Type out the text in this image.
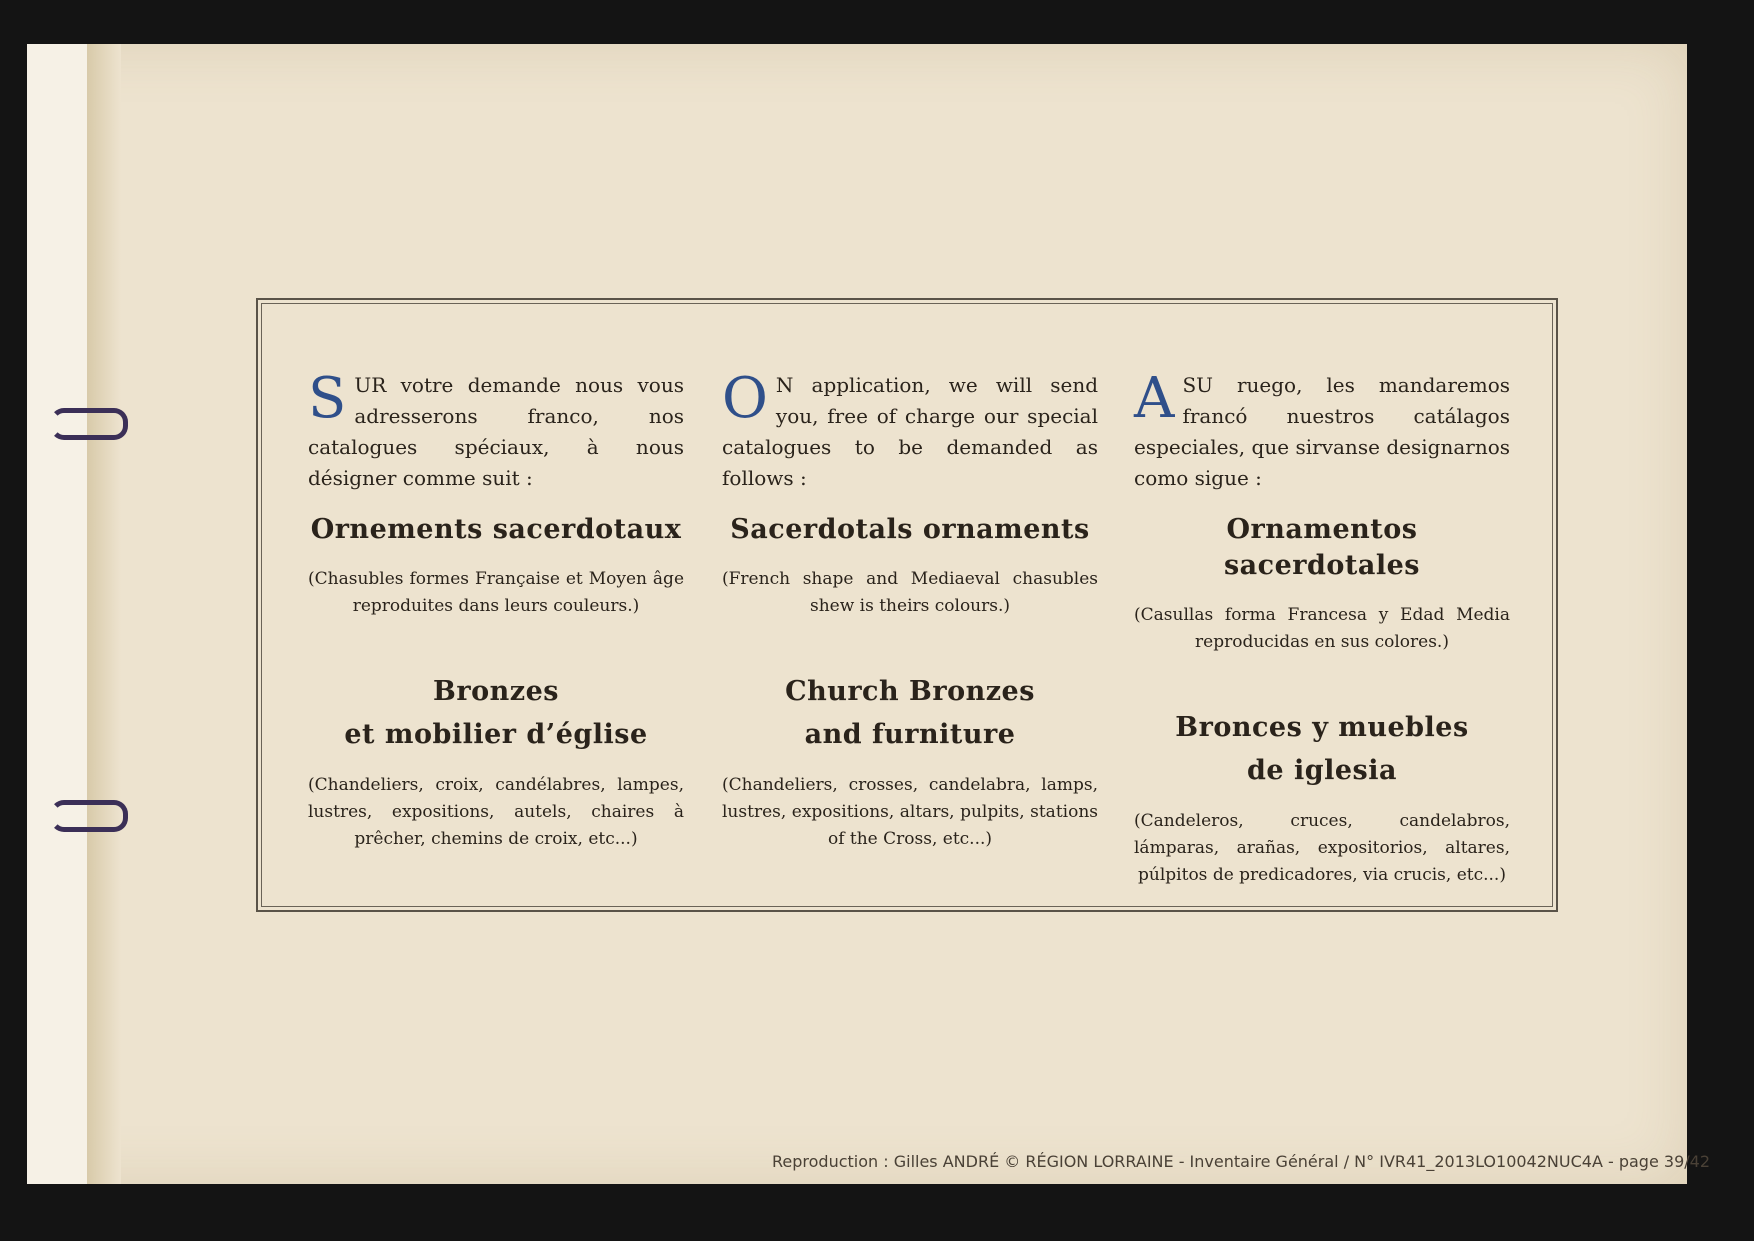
SUR votre demande nous vous adresserons franco, nos catalogues spéciaux, à nous désigner comme suit :

Ornements sacerdotaux

(Chasubles formes Française et Moyen âge reproduites dans leurs couleurs.)

Bronzes
et mobilier d’église

(Chandeliers, croix, candélabres, lampes, lustres, expositions, autels, chaires à prêcher, chemins de croix, etc...)

O N application, we will send you, free of charge our special catalogues to be demanded as follows :

Sacerdotals ornaments

(French shape and Mediaeval chasubles shew is theirs colours.)

Church Bronzes
and furniture

(Chandeliers, crosses, candelabra, lamps, lustres, expositions, altars, pulpits, stations of the Cross, etc...)

ASU ruego, les mandaremos francó nuestros catálagos especiales, que sirvanse designarnos como sigue :

Ornamentos sacerdotales

(Casullas forma Francesa y Edad Media reproducidas en sus colores.)

Bronces y muebles
de iglesia

(Candeleros, cruces, candelabros, lámparas, arañas, expositorios, altares, púlpitos de predicadores, via crucis, etc...)

Reproduction : Gilles ANDRÉ © RÉGION LORRAINE - Inventaire Général / N° IVR41_2013LO10042NUC4A - page 39/42
